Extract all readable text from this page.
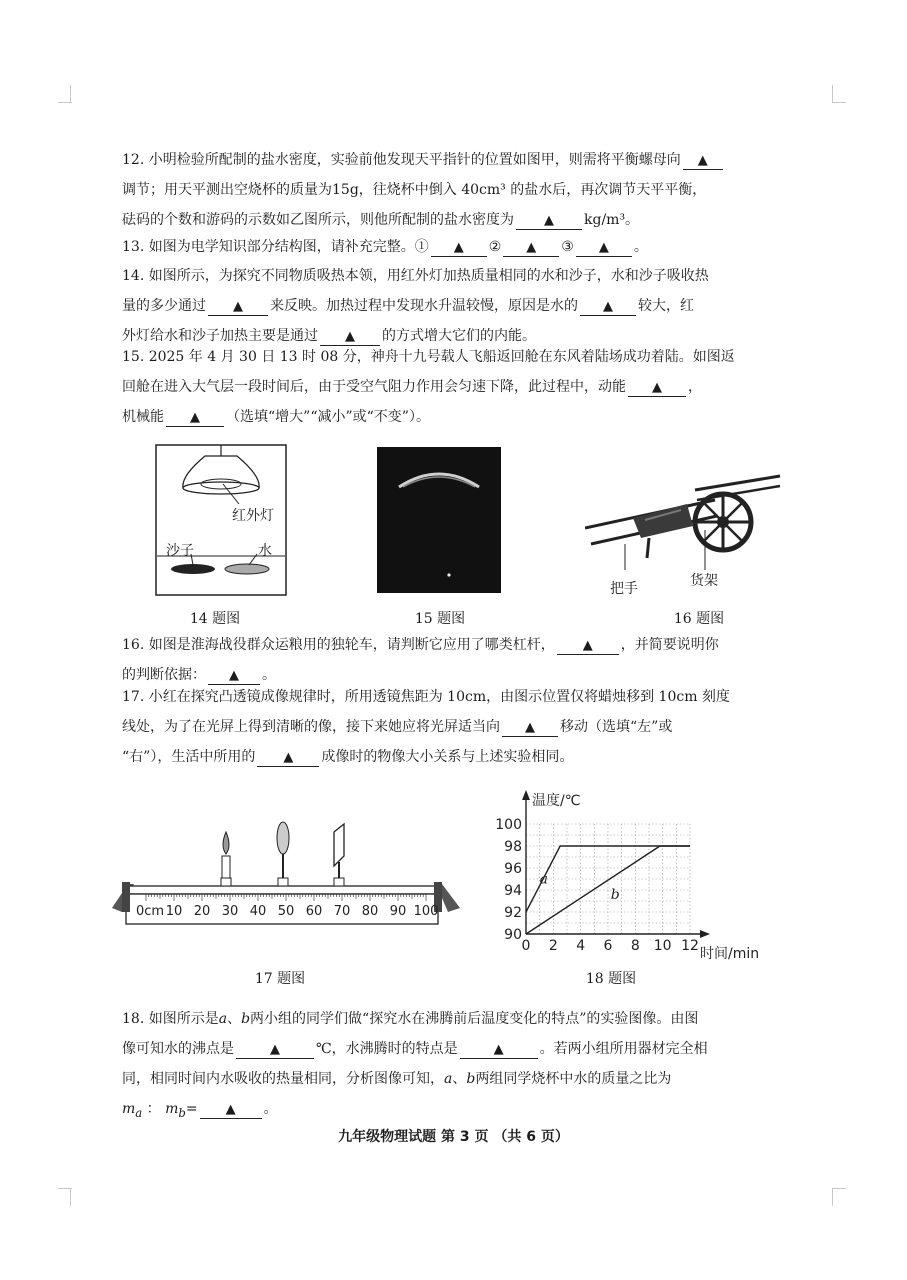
12. 小明检验所配制的盐水密度，实验前他发现天平指针的位置如图甲，则需将平衡螺母向 ▲

调节；用天平测出空烧杯的质量为15g，往烧杯中倒入 40cm³ 的盐水后，再次调节天平平衡，

砝码的个数和游码的示数如乙图所示，则他所配制的盐水密度为 ▲ kg/m³。

13. 如图为电学知识部分结构图，请补充完整。① ▲ ② ▲ ③ ▲ 。

14. 如图所示，为探究不同物质吸热本领，用红外灯加热质量相同的水和沙子，水和沙子吸收热

量的多少通过 ▲ 来反映。加热过程中发现水升温较慢，原因是水的 ▲ 较大，红

外灯给水和沙子加热主要是通过 ▲ 的方式增大它们的内能。

15. 2025 年 4 月 30 日 13 时 08 分，神舟十九号载人飞船返回舱在东风着陆场成功着陆。如图返

回舱在进入大气层一段时间后，由于受空气阻力作用会匀速下降，此过程中，动能 ▲ ，

机械能 ▲ （选填“增大”“减小”或“不变”）。

红外灯
沙子	水
14 题图	15 题图
把手	货架
16 题图

16. 如图是淮海战役群众运粮用的独轮车，请判断它应用了哪类杠杆， ▲ ，并简要说明你

的判断依据： ▲ 。

17. 小红在探究凸透镜成像规律时，所用透镜焦距为 10cm，由图示位置仅将蜡烛移到 10cm 刻度

线处，为了在光屏上得到清晰的像，接下来她应将光屏适当向 ▲ 移动（选填“左”或

“右”），生活中所用的 ▲ 成像时的物像大小关系与上述实验相同。

10 20 30 40 50 60 70 80 90 100
0cm
17 题图
a
b
0 2 4 6 8 10 12
90
92
94
96
98
100
温度/℃
时间/min
18 题图

18. 如图所示是a、b两小组的同学们做“探究水在沸腾前后温度变化的特点”的实验图像。由图

像可知水的沸点是	▲	℃，水沸腾时的特点是	▲	。若两小组所用器材完全相

同，相同时间内水吸收的热量相同，分析图像可知，a、b两组同学烧杯中水的质量之比为

$m_a$ ： $m_b=$ ▲ 。

九年级物理试题 第 3 页 （共 6 页）
